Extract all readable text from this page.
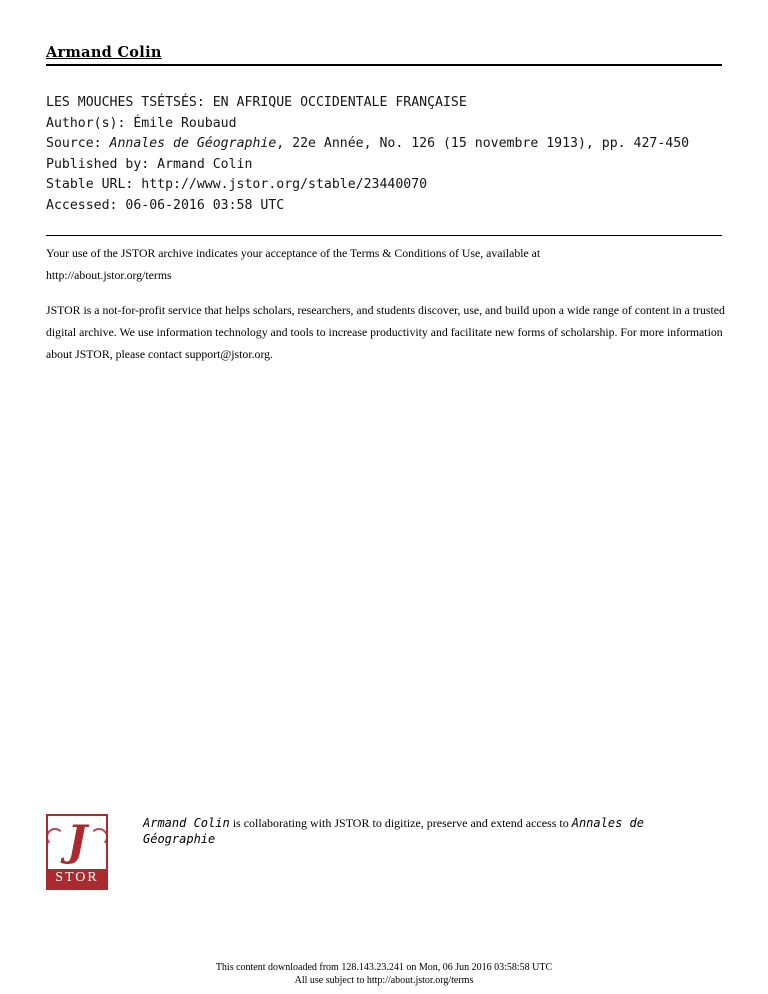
Armand Colin
LES MOUCHES TSÉTSÉS: EN AFRIQUE OCCIDENTALE FRANÇAISE
Author(s): Émile Roubaud
Source: Annales de Géographie, 22e Année, No. 126 (15 novembre 1913), pp. 427-450
Published by: Armand Colin
Stable URL: http://www.jstor.org/stable/23440070
Accessed: 06-06-2016 03:58 UTC
Your use of the JSTOR archive indicates your acceptance of the Terms & Conditions of Use, available at
http://about.jstor.org/terms
JSTOR is a not-for-profit service that helps scholars, researchers, and students discover, use, and build upon a wide range of content in a trusted digital archive. We use information technology and tools to increase productivity and facilitate new forms of scholarship. For more information about JSTOR, please contact support@jstor.org.
J
STOR
Armand Colin is collaborating with JSTOR to digitize, preserve and extend access to Annales de Géographie
This content downloaded from 128.143.23.241 on Mon, 06 Jun 2016 03:58:58 UTC
All use subject to http://about.jstor.org/terms
